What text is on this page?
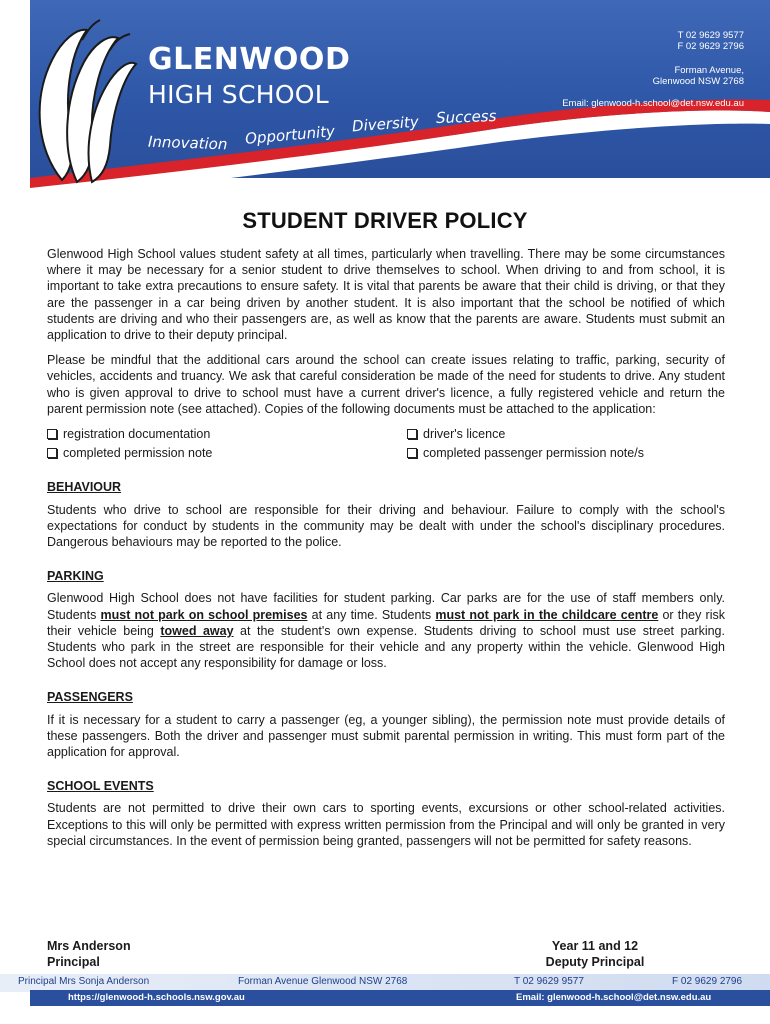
GLENWOOD
HIGH SCHOOL
Innovation Opportunity Diversity Success
T 02 9629 9577
F 02 9629 2796
Forman Avenue,
Glenwood NSW 2768
Email: glenwood-h.school@det.nsw.edu.au
STUDENT DRIVER POLICY

Glenwood High School values student safety at all times, particularly when travelling. There may be some circumstances where it may be necessary for a senior student to drive themselves to school. When driving to and from school, it is important to take extra precautions to ensure safety. It is vital that parents be aware that their child is driving, or that they are the passenger in a car being driven by another student. It is also important that the school be notified of which students are driving and who their passengers are, as well as know that the parents are aware. Students must submit an application to drive to their deputy principal.

Please be mindful that the additional cars around the school can create issues relating to traffic, parking, security of vehicles, accidents and truancy. We ask that careful consideration be made of the need for students to drive. Any student who is given approval to drive to school must have a current driver's licence, a fully registered vehicle and return the parent permission note (see attached). Copies of the following documents must be attached to the application:

registration documentation	driver's licence
completed permission note	completed passenger permission note/s
BEHAVIOUR

Students who drive to school are responsible for their driving and behaviour. Failure to comply with the school's expectations for conduct by students in the community may be dealt with under the school's disciplinary procedures. Dangerous behaviours may be reported to the police.

PARKING

Glenwood High School does not have facilities for student parking. Car parks are for the use of staff members only. Students must not park on school premises at any time. Students must not park in the childcare centre or they risk their vehicle being towed away at the student's own expense. Students driving to school must use street parking. Students who park in the street are responsible for their vehicle and any property within the vehicle. Glenwood High School does not accept any responsibility for damage or loss.

PASSENGERS

If it is necessary for a student to carry a passenger (eg, a younger sibling), the permission note must provide details of these passengers. Both the driver and passenger must submit parental permission in writing. This must form part of the application for approval.

SCHOOL EVENTS

Students are not permitted to drive their own cars to sporting events, excursions or other school-related activities. Exceptions to this will only be permitted with express written permission from the Principal and will only be granted in very special circumstances. In the event of permission being granted, passengers will not be permitted for safety reasons.

Mrs Anderson
Principal
Year 11 and 12
Deputy Principal
Principal Mrs Sonja Anderson	Forman Avenue Glenwood NSW 2768	T 02 9629 9577	F 02 9629 2796
https://glenwood-h.schools.nsw.gov.au	Email: glenwood-h.school@det.nsw.edu.au
